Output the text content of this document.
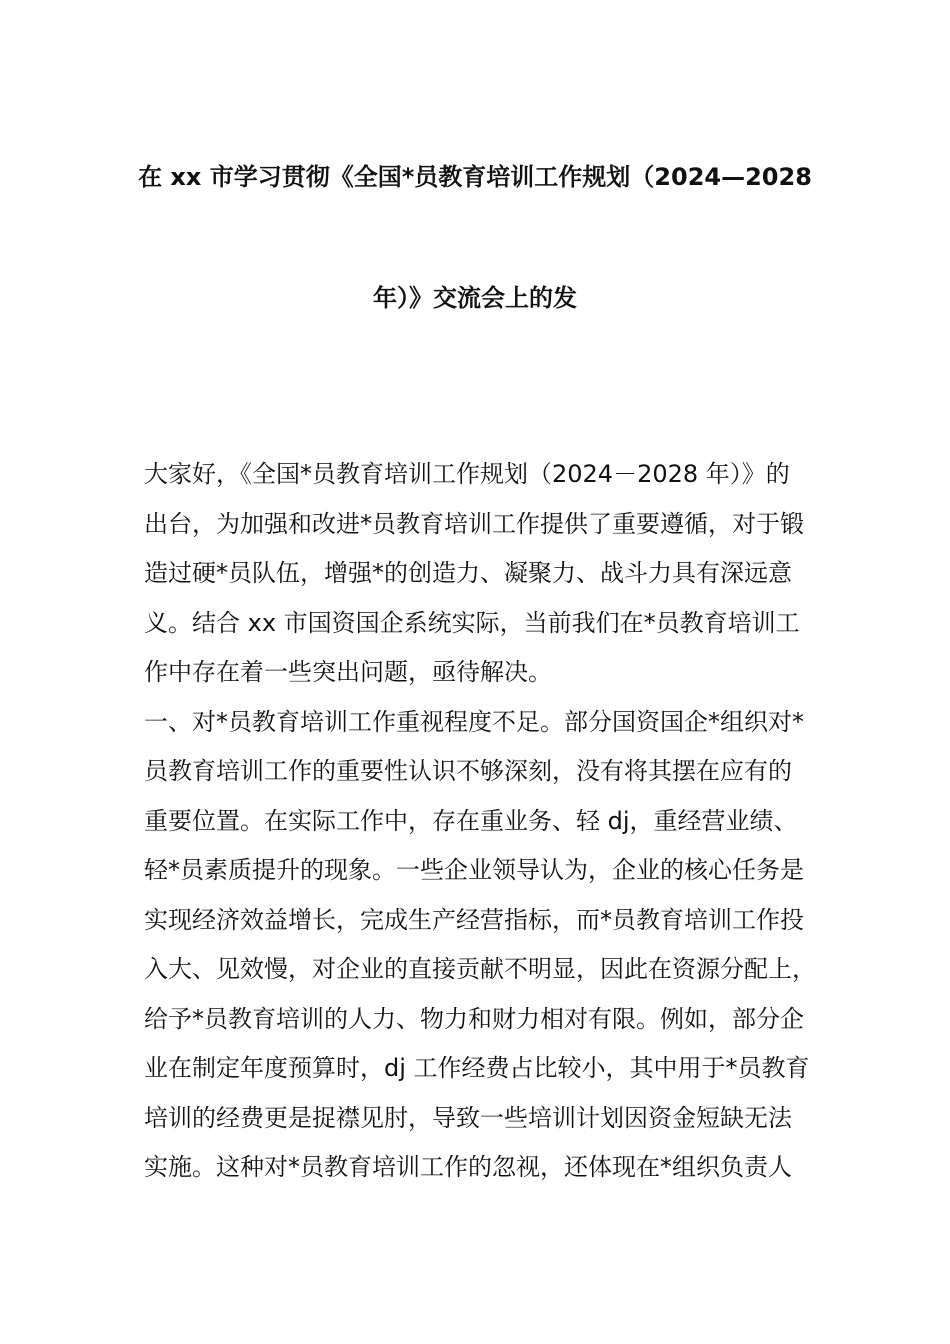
在 xx 市学习贯彻《全国*员教育培训工作规划（2024—2028
年）》交流会上的发
大家好，《全国*员教育培训工作规划（2024－2028 年）》的
出台，为加强和改进*员教育培训工作提供了重要遵循，对于锻
造过硬*员队伍，增强*的创造力、凝聚力、战斗力具有深远意
义。结合 xx 市国资国企系统实际，当前我们在*员教育培训工
作中存在着一些突出问题，亟待解决。
一、对*员教育培训工作重视程度不足。部分国资国企*组织对*
员教育培训工作的重要性认识不够深刻，没有将其摆在应有的
重要位置。在实际工作中，存在重业务、轻 dj，重经营业绩、
轻*员素质提升的现象。一些企业领导认为，企业的核心任务是
实现经济效益增长，完成生产经营指标，而*员教育培训工作投
入大、见效慢，对企业的直接贡献不明显，因此在资源分配上，
给予*员教育培训的人力、物力和财力相对有限。例如，部分企
业在制定年度预算时，dj 工作经费占比较小，其中用于*员教育
培训的经费更是捉襟见肘，导致一些培训计划因资金短缺无法
实施。这种对*员教育培训工作的忽视，还体现在*组织负责人
